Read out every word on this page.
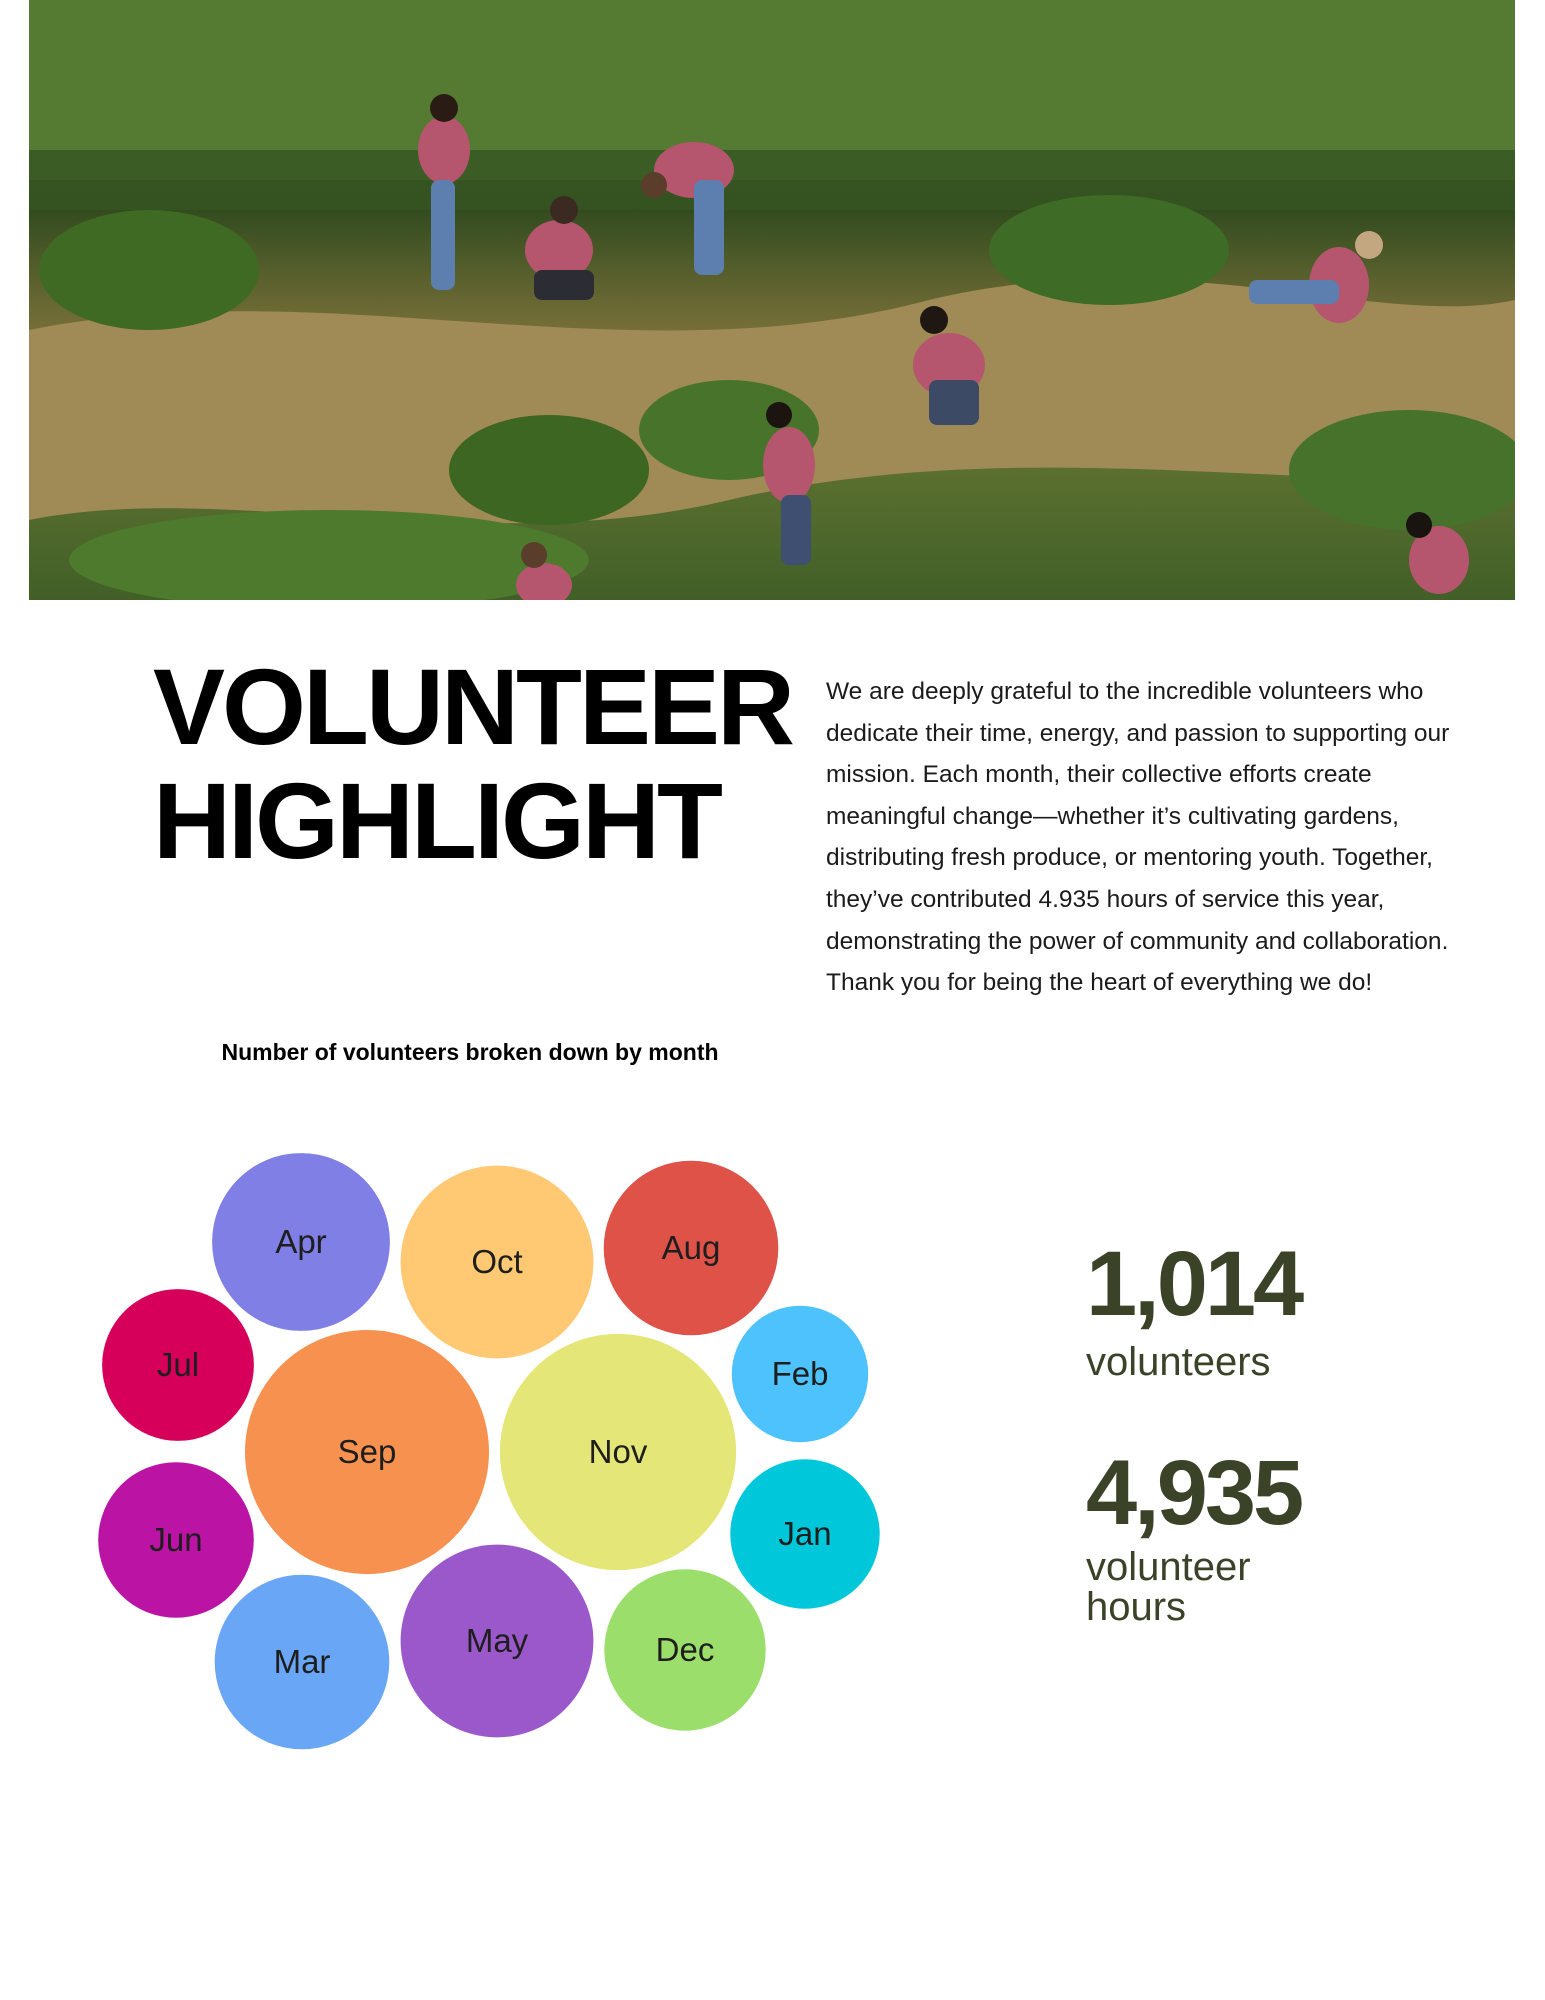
VOLUNTEER
HIGHLIGHT

We are deeply grateful to the incredible volunteers who dedicate their time, energy, and passion to supporting our mission. Each month, their collective efforts create meaningful change—whether it’s cultivating gardens, distributing fresh produce, or mentoring youth. Together, they’ve contributed 4.935 hours of service this year, demonstrating the power of community and collaboration. Thank you for being the heart of everything we do!

Number of volunteers broken down by month

Sep	Nov
Oct
May
Apr
Mar
Aug
Dec
Jun	Jan
Jul	Feb

1,014

volunteers

4,935

volunteer hours
